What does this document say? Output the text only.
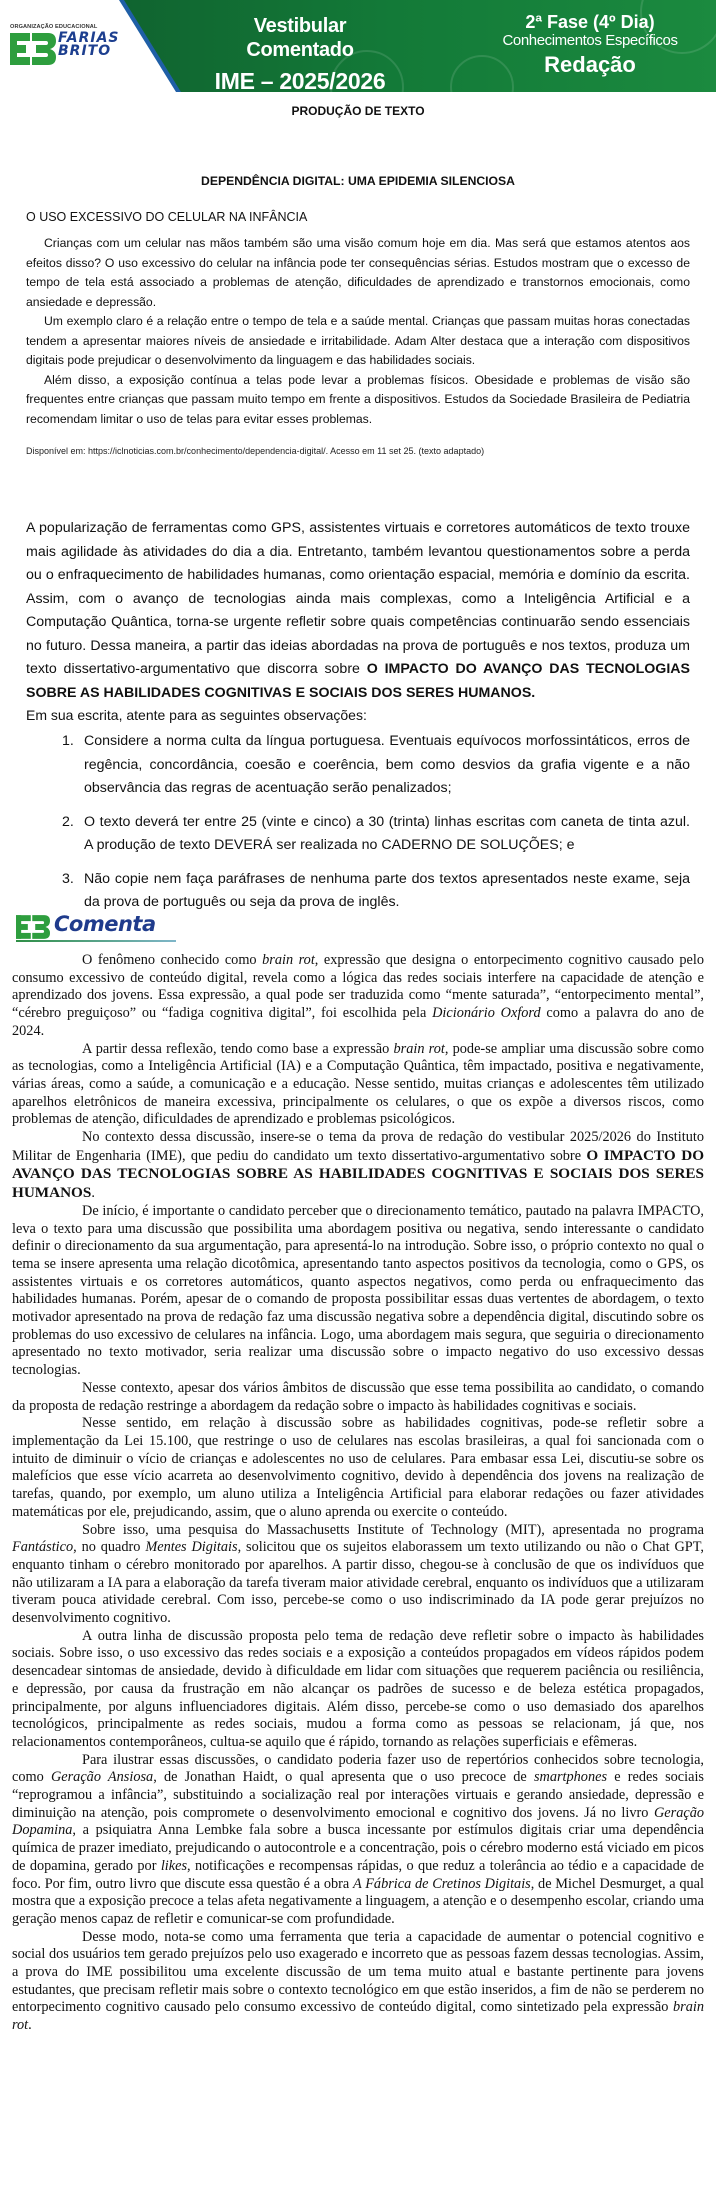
ORGANIZAÇÃO EDUCACIONAL
FARIAS
BRITO
Vestibular Comentado
IME – 2025/2026
2ª Fase (4º Dia)
Conhecimentos Específicos
Redação
PRODUÇÃO DE TEXTO
DEPENDÊNCIA DIGITAL: UMA EPIDEMIA SILENCIOSA
O USO EXCESSIVO DO CELULAR NA INFÂNCIA

Crianças com um celular nas mãos também são uma visão comum hoje em dia. Mas será que estamos atentos aos efeitos disso? O uso excessivo do celular na infância pode ter consequências sérias. Estudos mostram que o excesso de tempo de tela está associado a problemas de atenção, dificuldades de aprendizado e transtornos emocionais, como ansiedade e depressão.

Um exemplo claro é a relação entre o tempo de tela e a saúde mental. Crianças que passam muitas horas conectadas tendem a apresentar maiores níveis de ansiedade e irritabilidade. Adam Alter destaca que a interação com dispositivos digitais pode prejudicar o desenvolvimento da linguagem e das habilidades sociais.

Além disso, a exposição contínua a telas pode levar a problemas físicos. Obesidade e problemas de visão são frequentes entre crianças que passam muito tempo em frente a dispositivos. Estudos da Sociedade Brasileira de Pediatria recomendam limitar o uso de telas para evitar esses problemas.

Disponível em: https://iclnoticias.com.br/conhecimento/dependencia-digital/. Acesso em 11 set 25. (texto adaptado)
A popularização de ferramentas como GPS, assistentes virtuais e corretores automáticos de texto trouxe mais agilidade às atividades do dia a dia. Entretanto, também levantou questionamentos sobre a perda ou o enfraquecimento de habilidades humanas, como orientação espacial, memória e domínio da escrita. Assim, com o avanço de tecnologias ainda mais complexas, como a Inteligência Artificial e a Computação Quântica, torna-se urgente refletir sobre quais competências continuarão sendo essenciais no futuro. Dessa maneira, a partir das ideias abordadas na prova de português e nos textos, produza um texto dissertativo-argumentativo que discorra sobre O IMPACTO DO AVANÇO DAS TECNOLOGIAS SOBRE AS HABILIDADES COGNITIVAS E SOCIAIS DOS SERES HUMANOS.
Em sua escrita, atente para as seguintes observações:
1. Considere a norma culta da língua portuguesa. Eventuais equívocos morfossintáticos, erros de regência, concordância, coesão e coerência, bem como desvios da grafia vigente e a não observância das regras de acentuação serão penalizados;
2. O texto deverá ter entre 25 (vinte e cinco) a 30 (trinta) linhas escritas com caneta de tinta azul. A produção de texto DEVERÁ ser realizada no CADERNO DE SOLUÇÕES; e
3. Não copie nem faça paráfrases de nenhuma parte dos textos apresentados neste exame, seja da prova de português ou seja da prova de inglês.
Comenta

O fenômeno conhecido como brain rot, expressão que designa o entorpecimento cognitivo causado pelo consumo excessivo de conteúdo digital, revela como a lógica das redes sociais interfere na capacidade de atenção e aprendizado dos jovens. Essa expressão, a qual pode ser traduzida como “mente saturada”, “entorpecimento mental”, “cérebro preguiçoso” ou “fadiga cognitiva digital”, foi escolhida pela Dicionário Oxford como a palavra do ano de 2024.

A partir dessa reflexão, tendo como base a expressão brain rot, pode-se ampliar uma discussão sobre como as tecnologias, como a Inteligência Artificial (IA) e a Computação Quântica, têm impactado, positiva e negativamente, várias áreas, como a saúde, a comunicação e a educação. Nesse sentido, muitas crianças e adolescentes têm utilizado aparelhos eletrônicos de maneira excessiva, principalmente os celulares, o que os expõe a diversos riscos, como problemas de atenção, dificuldades de aprendizado e problemas psicológicos.

No contexto dessa discussão, insere-se o tema da prova de redação do vestibular 2025/2026 do Instituto Militar de Engenharia (IME), que pediu do candidato um texto dissertativo-argumentativo sobre O IMPACTO DO AVANÇO DAS TECNOLOGIAS SOBRE AS HABILIDADES COGNITIVAS E SOCIAIS DOS SERES HUMANOS.

De início, é importante o candidato perceber que o direcionamento temático, pautado na palavra IMPACTO, leva o texto para uma discussão que possibilita uma abordagem positiva ou negativa, sendo interessante o candidato definir o direcionamento da sua argumentação, para apresentá-lo na introdução. Sobre isso, o próprio contexto no qual o tema se insere apresenta uma relação dicotômica, apresentando tanto aspectos positivos da tecnologia, como o GPS, os assistentes virtuais e os corretores automáticos, quanto aspectos negativos, como perda ou enfraquecimento das habilidades humanas. Porém, apesar de o comando de proposta possibilitar essas duas vertentes de abordagem, o texto motivador apresentado na prova de redação faz uma discussão negativa sobre a dependência digital, discutindo sobre os problemas do uso excessivo de celulares na infância. Logo, uma abordagem mais segura, que seguiria o direcionamento apresentado no texto motivador, seria realizar uma discussão sobre o impacto negativo do uso excessivo dessas tecnologias.

Nesse contexto, apesar dos vários âmbitos de discussão que esse tema possibilita ao candidato, o comando da proposta de redação restringe a abordagem da redação sobre o impacto às habilidades cognitivas e sociais.

Nesse sentido, em relação à discussão sobre as habilidades cognitivas, pode-se refletir sobre a implementação da Lei 15.100, que restringe o uso de celulares nas escolas brasileiras, a qual foi sancionada com o intuito de diminuir o vício de crianças e adolescentes no uso de celulares. Para embasar essa Lei, discutiu-se sobre os malefícios que esse vício acarreta ao desenvolvimento cognitivo, devido à dependência dos jovens na realização de tarefas, quando, por exemplo, um aluno utiliza a Inteligência Artificial para elaborar redações ou fazer atividades matemáticas por ele, prejudicando, assim, que o aluno aprenda ou exercite o conteúdo.

Sobre isso, uma pesquisa do Massachusetts Institute of Technology (MIT), apresentada no programa Fantástico, no quadro Mentes Digitais, solicitou que os sujeitos elaborassem um texto utilizando ou não o Chat GPT, enquanto tinham o cérebro monitorado por aparelhos. A partir disso, chegou-se à conclusão de que os indivíduos que não utilizaram a IA para a elaboração da tarefa tiveram maior atividade cerebral, enquanto os indivíduos que a utilizaram tiveram pouca atividade cerebral. Com isso, percebe-se como o uso indiscriminado da IA pode gerar prejuízos no desenvolvimento cognitivo.

A outra linha de discussão proposta pelo tema de redação deve refletir sobre o impacto às habilidades sociais. Sobre isso, o uso excessivo das redes sociais e a exposição a conteúdos propagados em vídeos rápidos podem desencadear sintomas de ansiedade, devido à dificuldade em lidar com situações que requerem paciência ou resiliência, e depressão, por causa da frustração em não alcançar os padrões de sucesso e de beleza estética propagados, principalmente, por alguns influenciadores digitais. Além disso, percebe-se como o uso demasiado dos aparelhos tecnológicos, principalmente as redes sociais, mudou a forma como as pessoas se relacionam, já que, nos relacionamentos contemporâneos, cultua-se aquilo que é rápido, tornando as relações superficiais e efêmeras.

Para ilustrar essas discussões, o candidato poderia fazer uso de repertórios conhecidos sobre tecnologia, como Geração Ansiosa, de Jonathan Haidt, o qual apresenta que o uso precoce de smartphones e redes sociais “reprogramou a infância”, substituindo a socialização real por interações virtuais e gerando ansiedade, depressão e diminuição na atenção, pois compromete o desenvolvimento emocional e cognitivo dos jovens. Já no livro Geração Dopamina, a psiquiatra Anna Lembke fala sobre a busca incessante por estímulos digitais criar uma dependência química de prazer imediato, prejudicando o autocontrole e a concentração, pois o cérebro moderno está viciado em picos de dopamina, gerado por likes, notificações e recompensas rápidas, o que reduz a tolerância ao tédio e a capacidade de foco. Por fim, outro livro que discute essa questão é a obra A Fábrica de Cretinos Digitais, de Michel Desmurget, a qual mostra que a exposição precoce a telas afeta negativamente a linguagem, a atenção e o desempenho escolar, criando uma geração menos capaz de refletir e comunicar-se com profundidade.

Desse modo, nota-se como uma ferramenta que teria a capacidade de aumentar o potencial cognitivo e social dos usuários tem gerado prejuízos pelo uso exagerado e incorreto que as pessoas fazem dessas tecnologias. Assim, a prova do IME possibilitou uma excelente discussão de um tema muito atual e bastante pertinente para jovens estudantes, que precisam refletir mais sobre o contexto tecnológico em que estão inseridos, a fim de não se perderem no entorpecimento cognitivo causado pelo consumo excessivo de conteúdo digital, como sintetizado pela expressão brain rot.
